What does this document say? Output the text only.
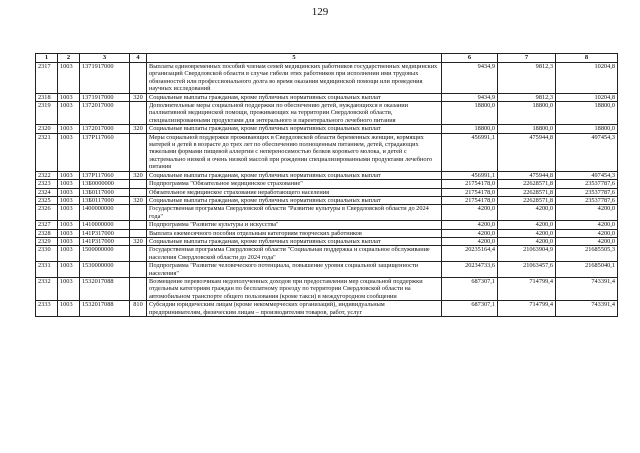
129
1	2	3	4	5	6	7	8
2317	1003	1371917000		Выплаты единовременных пособий членам семей медицинских работников государственных медицинских организаций Свердловской области в случае гибели этих работников при исполнении ими трудовых обязанностей или профессионального долга во время оказания медицинской помощи или проведения научных исследований	9434,9	9812,3	10204,8
2318	1003	1371917000	320	Социальные выплаты гражданам, кроме публичных нормативных социальных выплат	9434,9	9812,3	10204,8
2319	1003	1372017000		Дополнительные меры социальной поддержки по обеспечению детей, нуждающихся в оказании паллиативной медицинской помощи, проживающих на территории Свердловской области, специализированными продуктами для энтерального и парентерального лечебного питания	18800,0	18800,0	18800,0
2320	1003	1372017000	320	Социальные выплаты гражданам, кроме публичных нормативных социальных выплат	18800,0	18800,0	18800,0
2321	1003	137P117060		Меры социальной поддержки проживающих в Свердловской области беременных женщин, кормящих матерей и детей в возрасте до трех лет по обеспечению полноценным питанием, детей, страдающих тяжелыми формами пищевой аллергии с непереносимостью белков коровьего молока, и детей с экстремально низкой и очень низкой массой при рождении специализированными продуктами лечебного питания	456991,1	475944,8	497454,3
2322	1003	137P117060	320	Социальные выплаты гражданам, кроме публичных нормативных социальных выплат	456991,1	475944,8	497454,3
2323	1003	13Б0000000		Подпрограмма "Обязательное медицинское страхование"	21754178,0	22628571,8	23537787,6
2324	1003	13Б0117000		Обязательное медицинское страхование неработающего населения	21754178,0	22628571,8	23537787,6
2325	1003	13Б0117000	320	Социальные выплаты гражданам, кроме публичных нормативных социальных выплат	21754178,0	22628571,8	23537787,6
2326	1003	1400000000		Государственная программа Свердловской области "Развитие культуры в Свердловской области до 2024 года"	4200,0	4200,0	4200,0
2327	1003	1410000000		Подпрограмма "Развитие культуры и искусства"	4200,0	4200,0	4200,0
2328	1003	141P317000		Выплата ежемесячного пособия отдельным категориям творческих работников	4200,0	4200,0	4200,0
2329	1003	141P317000	320	Социальные выплаты гражданам, кроме публичных нормативных социальных выплат	4200,0	4200,0	4200,0
2330	1003	1500000000		Государственная программа Свердловской области "Социальная поддержка и социальное обслуживание населения Свердловской области до 2024 года"	20235164,4	21063904,9	21685505,3
2331	1003	1530000000		Подпрограмма "Развитие человеческого потенциала, повышение уровня социальной защищенности населения"	20234733,6	21063457,6	21685040,1
2332	1003	1532017088		Возмещение перевозчикам недополученных доходов при предоставлении мер социальной поддержки отдельным категориям граждан по бесплатному проезду по территории Свердловской области на автомобильном транспорте общего пользования (кроме такси) в междугородном сообщении	687307,1	714799,4	743391,4
2333	1003	1532017088	810	Субсидии юридическим лицам (кроме некоммерческих организаций), индивидуальным предпринимателям, физическим лицам – производителям товаров, работ, услуг	687307,1	714799,4	743391,4
